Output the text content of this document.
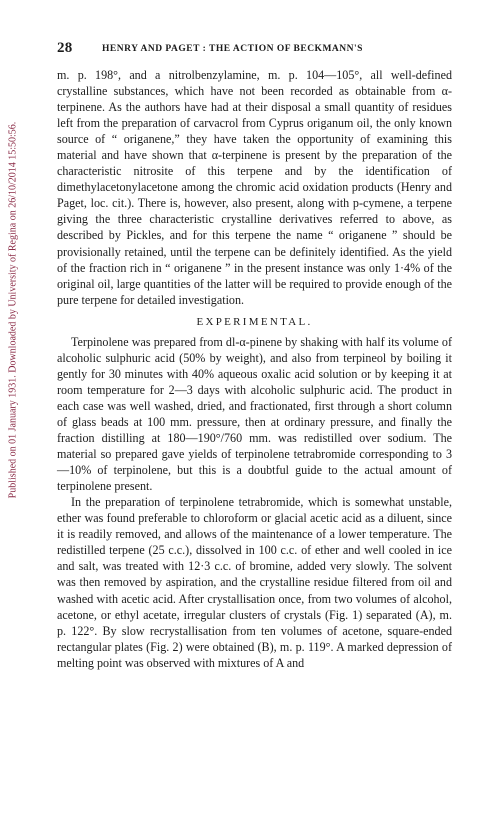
Published on 01 January 1931. Downloaded by University of Regina on 26/10/2014 15:50:56.
28	HENRY AND PAGET : THE ACTION OF BECKMANN'S

m. p. 198°, and a nitrolbenzylamine, m. p. 104—105°, all well-defined crystalline substances, which have not been recorded as obtainable from α-terpinene. As the authors have had at their disposal a small quantity of residues left from the preparation of carvacrol from Cyprus origanum oil, the only known source of “ origanene,” they have taken the opportunity of examining this material and have shown that α-terpinene is present by the preparation of the characteristic nitrosite of this terpene and by the identification of dimethylacetonylacetone among the chromic acid oxidation products (Henry and Paget, loc. cit.). There is, however, also present, along with p-cymene, a terpene giving the three characteristic crystalline derivatives referred to above, as described by Pickles, and for this terpene the name “ origanene ” should be provisionally retained, until the terpene can be definitely identified. As the yield of the fraction rich in “ origanene ” in the present instance was only 1·4% of the original oil, large quantities of the latter will be required to provide enough of the pure terpene for detailed investigation.

EXPERIMENTAL.

Terpinolene was prepared from dl-α-pinene by shaking with half its volume of alcoholic sulphuric acid (50% by weight), and also from terpineol by boiling it gently for 30 minutes with 40% aqueous oxalic acid solution or by keeping it at room temperature for 2—3 days with alcoholic sulphuric acid. The product in each case was well washed, dried, and fractionated, first through a short column of glass beads at 100 mm. pressure, then at ordinary pressure, and finally the fraction distilling at 180—190°/760 mm. was redistilled over sodium. The material so prepared gave yields of terpinolene tetrabromide corresponding to 3—10% of terpinolene, but this is a doubtful guide to the actual amount of terpinolene present.

In the preparation of terpinolene tetrabromide, which is somewhat unstable, ether was found preferable to chloroform or glacial acetic acid as a diluent, since it is readily removed, and allows of the maintenance of a lower temperature. The redistilled terpene (25 c.c.), dissolved in 100 c.c. of ether and well cooled in ice and salt, was treated with 12·3 c.c. of bromine, added very slowly. The solvent was then removed by aspiration, and the crystalline residue filtered from oil and washed with acetic acid. After crystallisation once, from two volumes of alcohol, acetone, or ethyl acetate, irregular clusters of crystals (Fig. 1) separated (A), m. p. 122°. By slow recrystallisation from ten volumes of acetone, square-ended rectangular plates (Fig. 2) were obtained (B), m. p. 119°. A marked depression of melting point was observed with mixtures of A and
